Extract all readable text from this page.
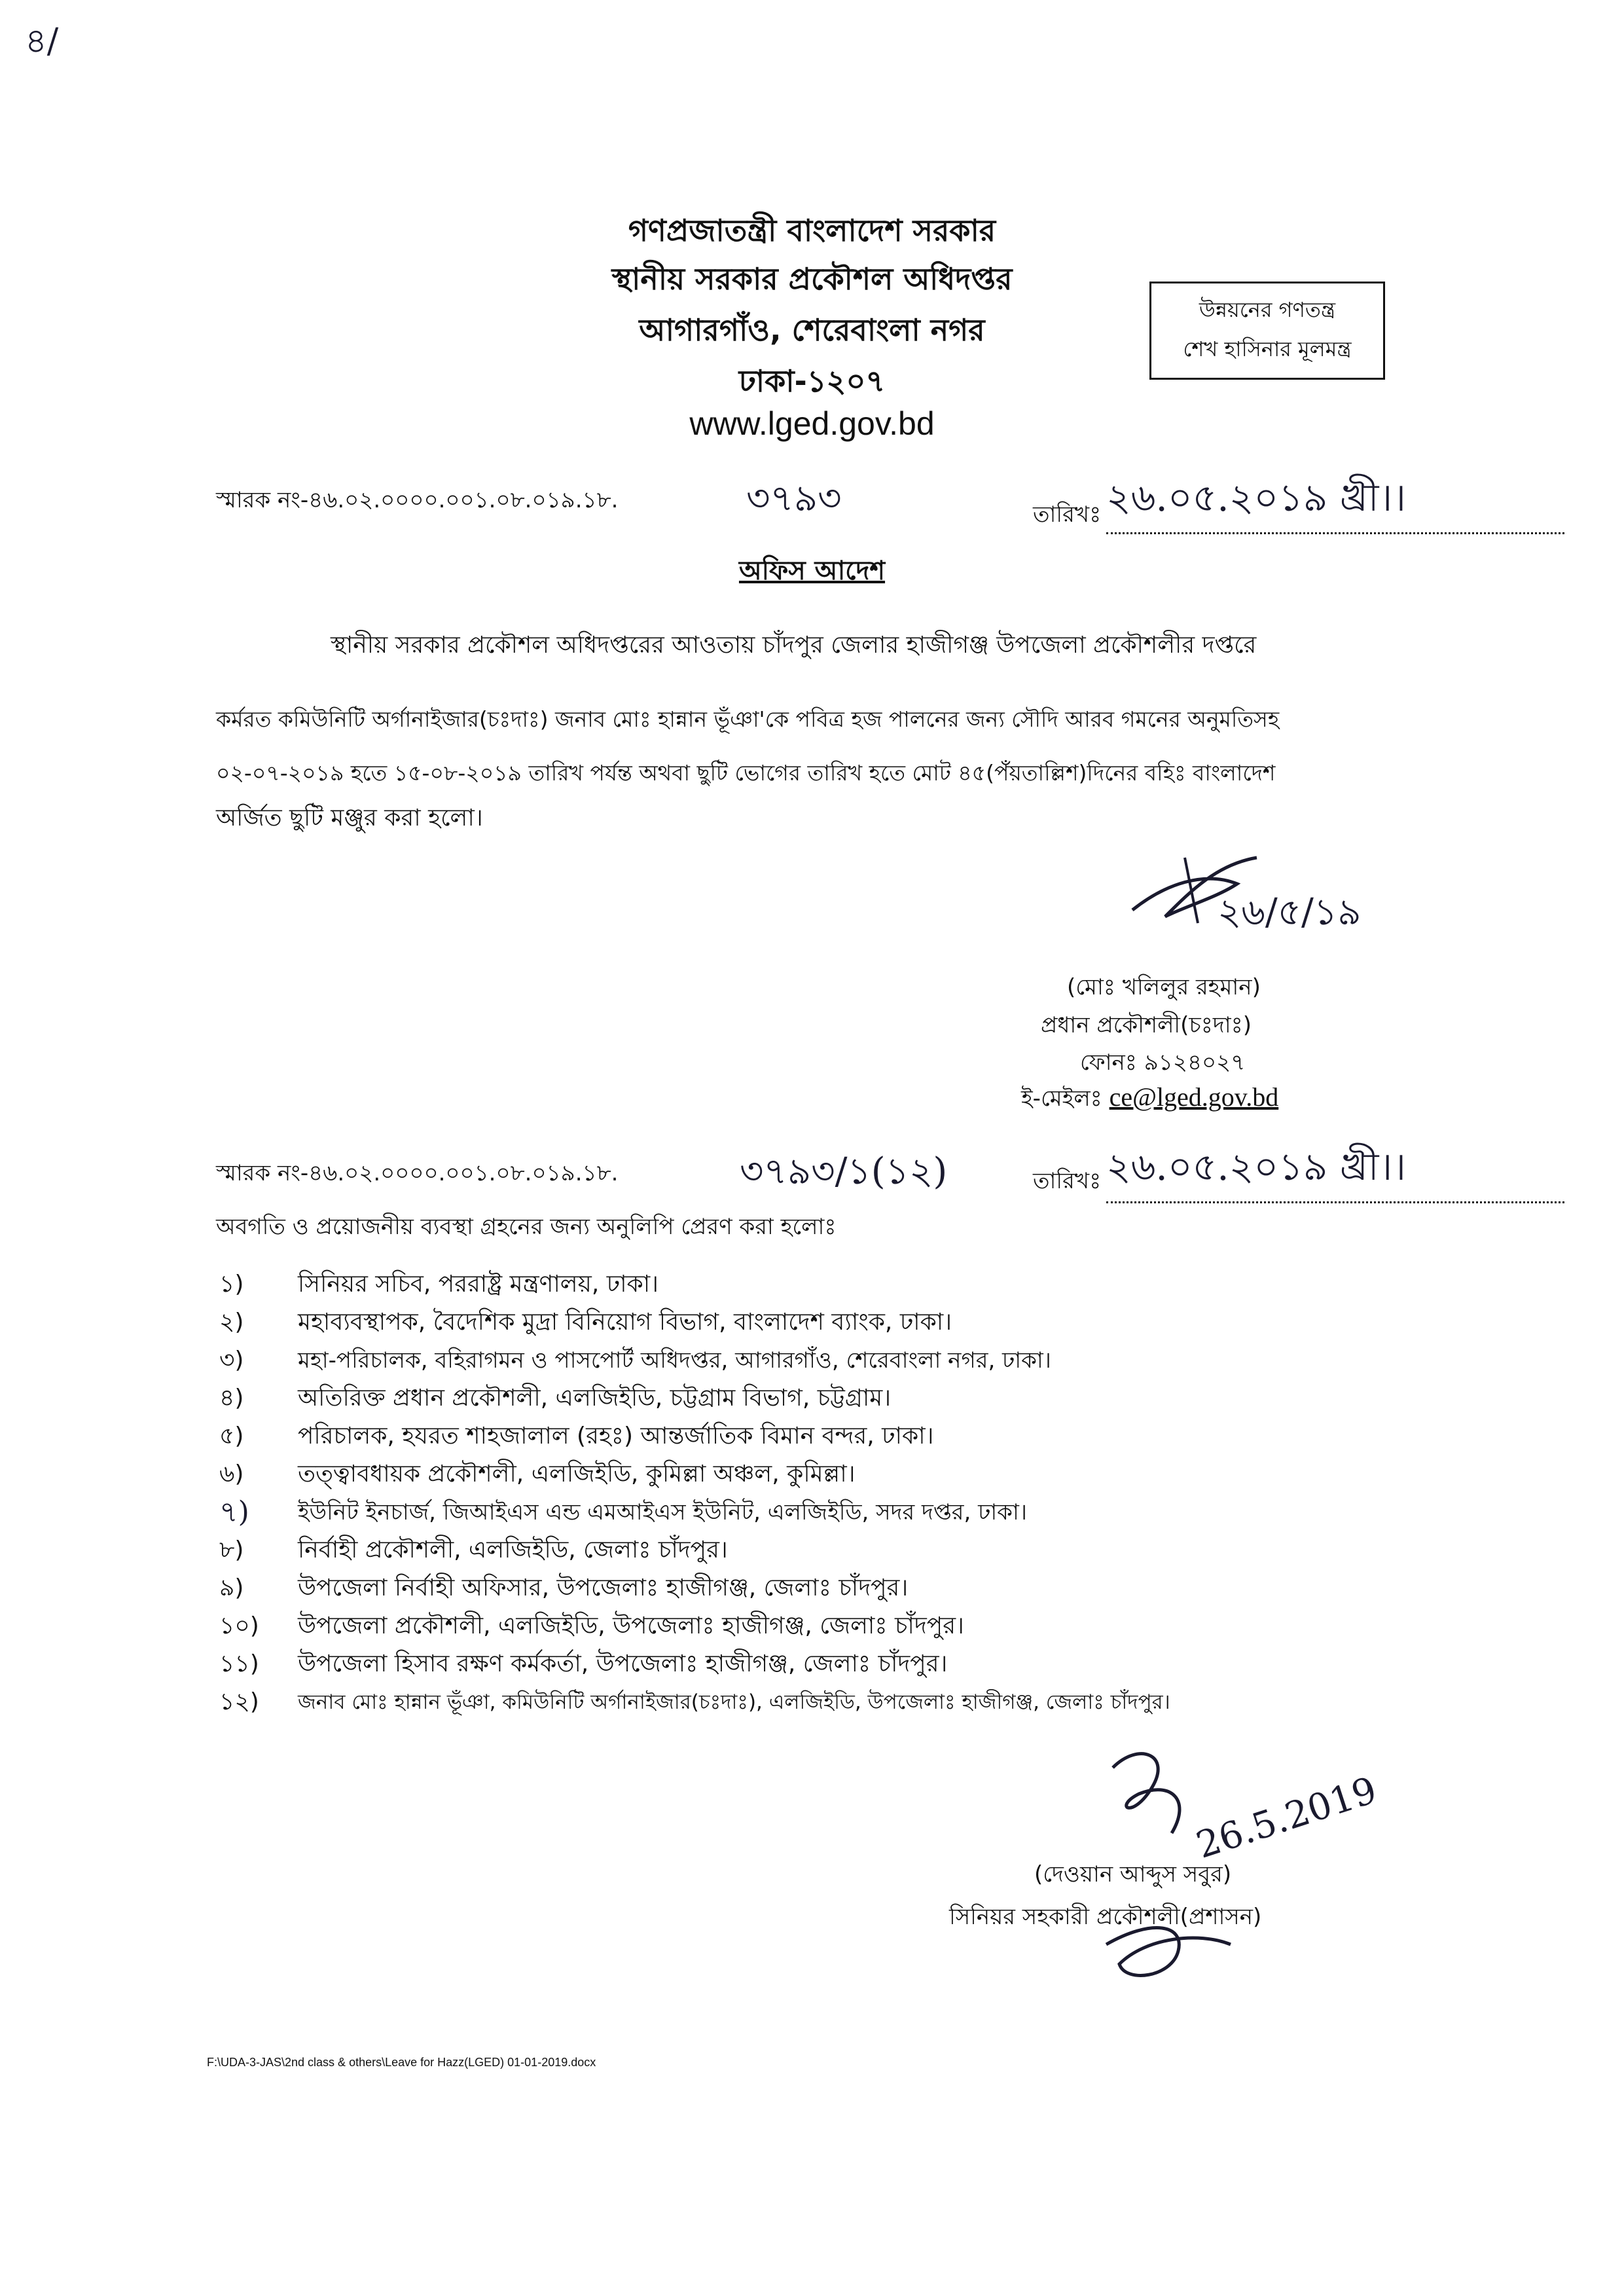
৪/
গণপ্রজাতন্ত্রী বাংলাদেশ সরকার
স্থানীয় সরকার প্রকৌশল অধিদপ্তর
আগারগাঁও, শেরেবাংলা নগর
ঢাকা-১২০৭
www.lged.gov.bd
উন্নয়নের গণতন্ত্র
শেখ হাসিনার মূলমন্ত্র
স্মারক নং-৪৬.০২.০০০০.০০১.০৮.০১৯.১৮.	৩৭৯৩	তারিখঃ ২৬.০৫.২০১৯ খ্রী।।
অফিস আদেশ
স্থানীয় সরকার প্রকৌশল অধিদপ্তরের আওতায় চাঁদপুর জেলার হাজীগঞ্জ উপজেলা প্রকৌশলীর দপ্তরে
কর্মরত কমিউনিটি অর্গানাইজার(চঃদাঃ) জনাব মোঃ হান্নান ভূঁঞা'কে পবিত্র হজ পালনের জন্য সৌদি আরব গমনের অনুমতিসহ
০২-০৭-২০১৯ হতে ১৫-০৮-২০১৯ তারিখ পর্যন্ত অথবা ছুটি ভোগের তারিখ হতে মোট ৪৫(পঁয়তাল্লিশ)দিনের বহিঃ বাংলাদেশ
অর্জিত ছুটি মঞ্জুর করা হলো।
২৬/৫/১৯
(মোঃ খলিলুর রহমান)
প্রধান প্রকৌশলী(চঃদাঃ)
ফোনঃ ৯১২৪০২৭
ই-মেইলঃ ce@lged.gov.bd
স্মারক নং-৪৬.০২.০০০০.০০১.০৮.০১৯.১৮.	৩৭৯৩/১(১২)	তারিখঃ ২৬.০৫.২০১৯ খ্রী।।
অবগতি ও প্রয়োজনীয় ব্যবস্থা গ্রহনের জন্য অনুলিপি প্রেরণ করা হলোঃ
১)	সিনিয়র সচিব, পররাষ্ট্র মন্ত্রণালয়, ঢাকা।
২)	মহাব্যবস্থাপক, বৈদেশিক মুদ্রা বিনিয়োগ বিভাগ, বাংলাদেশ ব্যাংক, ঢাকা।
৩)	মহা-পরিচালক, বহিরাগমন ও পাসপোর্ট অধিদপ্তর, আগারগাঁও, শেরেবাংলা নগর, ঢাকা।
৪)	অতিরিক্ত প্রধান প্রকৌশলী, এলজিইডি, চট্টগ্রাম বিভাগ, চট্টগ্রাম।
৫)	পরিচালক, হযরত শাহজালাল (রহঃ) আন্তর্জাতিক বিমান বন্দর, ঢাকা।
৬)	তত্ত্বাবধায়ক প্রকৌশলী, এলজিইডি, কুমিল্লা অঞ্চল, কুমিল্লা।
৭)	ইউনিট ইনচার্জ, জিআইএস এন্ড এমআইএস ইউনিট, এলজিইডি, সদর দপ্তর, ঢাকা।
৮)	নির্বাহী প্রকৌশলী, এলজিইডি, জেলাঃ চাঁদপুর।
৯)	উপজেলা নির্বাহী অফিসার, উপজেলাঃ হাজীগঞ্জ, জেলাঃ চাঁদপুর।
১০)	উপজেলা প্রকৌশলী, এলজিইডি, উপজেলাঃ হাজীগঞ্জ, জেলাঃ চাঁদপুর।
১১)	উপজেলা হিসাব রক্ষণ কর্মকর্তা, উপজেলাঃ হাজীগঞ্জ, জেলাঃ চাঁদপুর।
১২)	জনাব মোঃ হান্নান ভূঁঞা, কমিউনিটি অর্গানাইজার(চঃদাঃ), এলজিইডি, উপজেলাঃ হাজীগঞ্জ, জেলাঃ চাঁদপুর।
26.5.2019
(দেওয়ান আব্দুস সবুর)
সিনিয়র সহকারী প্রকৌশলী(প্রশাসন)
F:\UDA-3-JAS\2nd class & others\Leave for Hazz(LGED) 01-01-2019.docx
